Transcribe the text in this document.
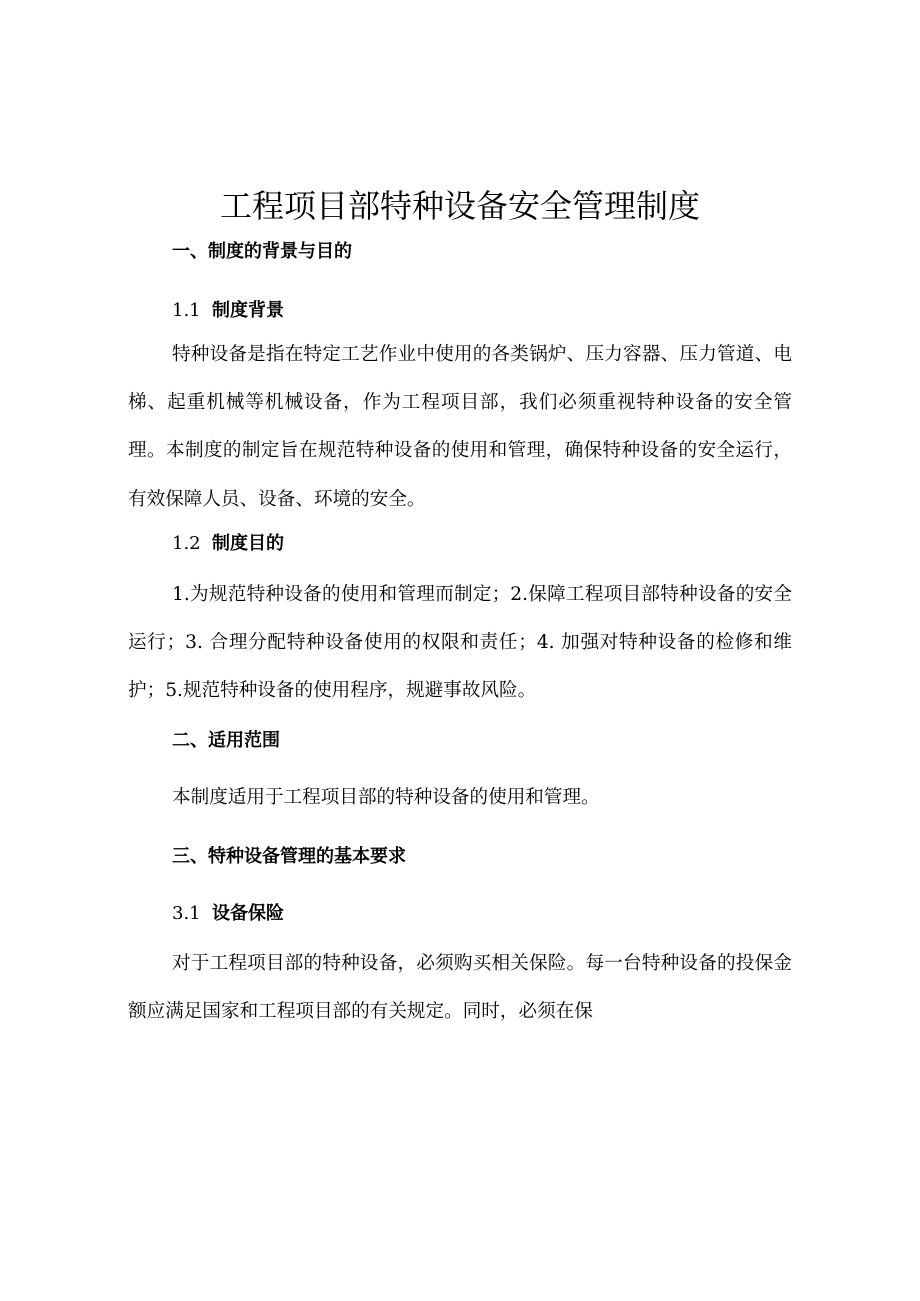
工程项目部特种设备安全管理制度
一、制度的背景与目的
1.1 制度背景
特种设备是指在特定工艺作业中使用的各类锅炉、压力容器、压力管道、电梯、起重机械等机械设备，作为工程项目部，我们必须重视特种设备的安全管理。本制度的制定旨在规范特种设备的使用和管理，确保特种设备的安全运行，有效保障人员、设备、环境的安全。
1.2 制度目的
1.为规范特种设备的使用和管理而制定；2.保障工程项目部特种设备的安全运行；3. 合理分配特种设备使用的权限和责任；4. 加强对特种设备的检修和维护；5.规范特种设备的使用程序，规避事故风险。
二、适用范围
本制度适用于工程项目部的特种设备的使用和管理。
三、特种设备管理的基本要求
3.1 设备保险
对于工程项目部的特种设备，必须购买相关保险。每一台特种设备的投保金额应满足国家和工程项目部的有关规定。同时，必须在保
